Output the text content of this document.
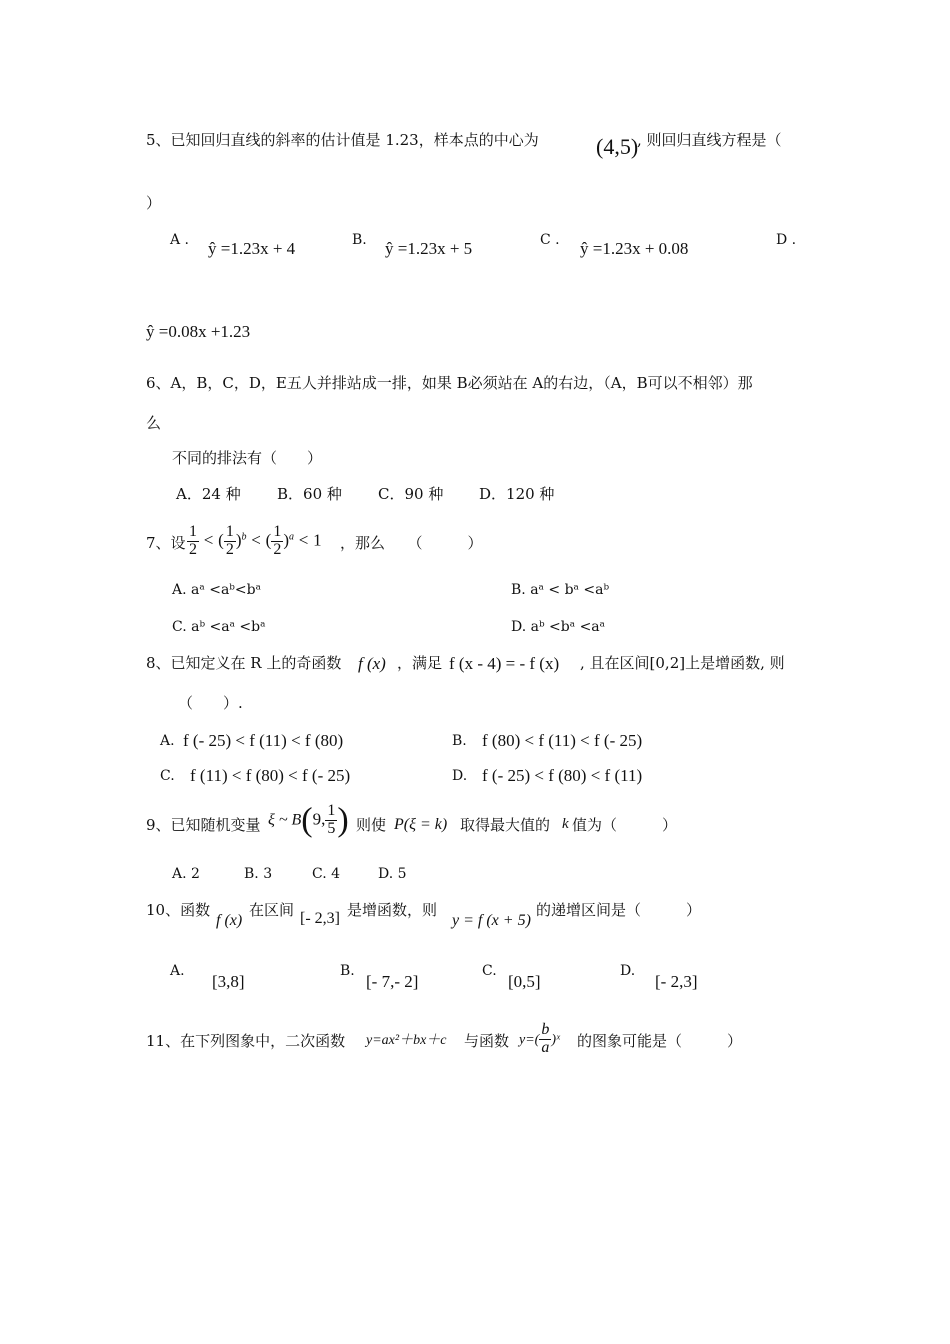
5、已知回归直线的斜率的估计值是 1.23，样本点的中心为	(4,5)
, 则回归直线方程是（
）
A . ŷ =1.23x + 4	B. ŷ =1.23x + 5	C . ŷ =1.23x + 0.08	D .
ŷ =0.08x +1.23
6、A，B，C，D，E五人并排站成一排，如果 B必须站在 A的右边，（A，B可以不相邻）那
么
不同的排法有（　　）
A．24 种 B．60 种 C．90 种 D．120 种
7、设 $\frac{1}{2}$ < ( $\frac{1}{2} )^b$ < ( $\frac{1}{2} )^a < 1$ ，那么　　（　　　）
A. aᵃ <aᵇ<bᵃ	B. aᵃ < bᵃ <aᵇ
C. aᵇ <aᵃ <bᵃ	D. aᵇ <bᵃ <aᵃ
8、已知定义在 R 上的奇函数 f (x) ，满足 f (x - 4) = - f (x) , 且在区间[0,2]上是增函数, 则
（　　）.
A. f (- 25) < f (11) < f (80)	B. f (80) < f (11) < f (- 25)
C. f (11) < f (80) < f (- 25)	D. f (- 25) < f (80) < f (11)
9、已知随机变量 ξ ~ B(9, $\frac{1}{5}$ ) 则使 P(ξ = k) 取得最大值的 k 值为（　　　）
A. 2	B. 3	C. 4	D. 5
10、函数
f (x)
在区间 [- 2,3] 是增函数，则
y = f (x + 5)
的递增区间是（　　　）
A.
[3,8]
B.
[- 7,- 2]
C.
[0,5]
D.
[- 2,3]
11、在下列图象中，二次函数 y=ax²＋bx＋c 与函数 $y=( \frac{b}{a}$ )ˣ 的图象可能是（　　　）
